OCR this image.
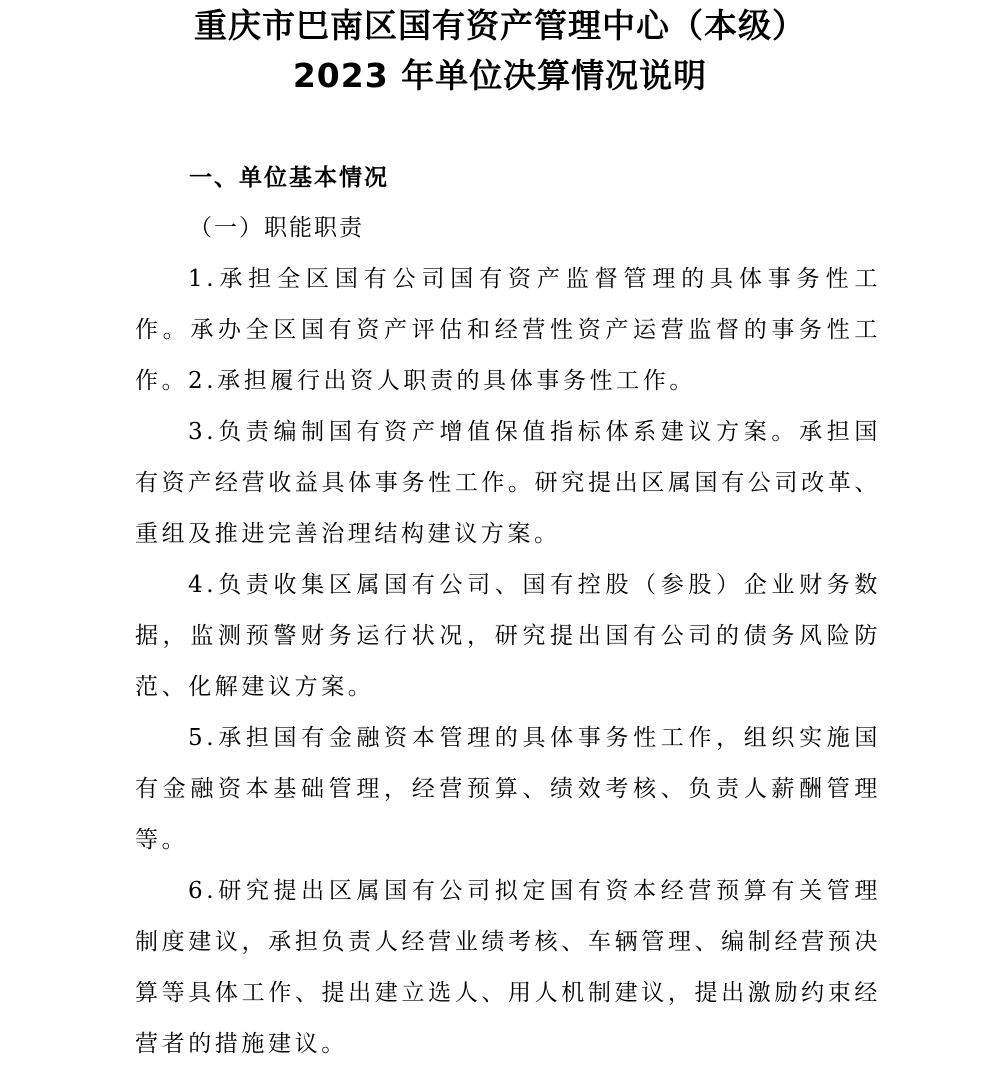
重庆市巴南区国有资产管理中心（本级）
2023 年单位决算情况说明
一、单位基本情况
（一）职能职责

1.承担全区国有公司国有资产监督管理的具体事务性工作。承办全区国有资产评估和经营性资产运营监督的事务性工作。 2.承担履行出资人职责的具体事务性工作。

3.负责编制国有资产增值保值指标体系建议方案。承担国有资产经营收益具体事务性工作。研究提出区属国有公司改革、重组及推进完善治理结构建议方案。

4.负责收集区属国有公司、国有控股（参股）企业财务数据，监测预警财务运行状况，研究提出国有公司的债务风险防范、化解建议方案。

5.承担国有金融资本管理的具体事务性工作，组织实施国有金融资本基础管理，经营预算、绩效考核、负责人薪酬管理等。

6.研究提出区属国有公司拟定国有资本经营预算有关管理制度建议，承担负责人经营业绩考核、车辆管理、编制经营预决算等具体工作、提出建立选人、用人机制建议，提出激励约束经营者的措施建议。
